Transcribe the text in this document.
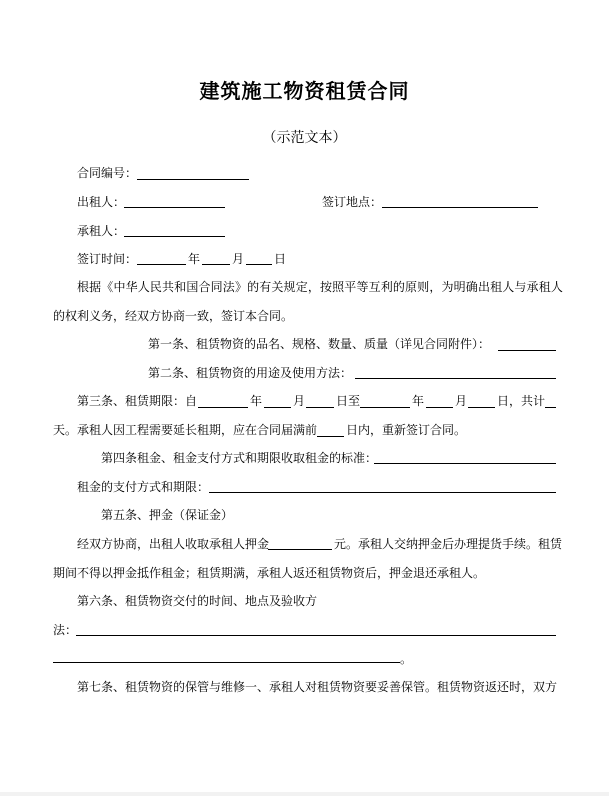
建筑施工物资租赁合同
（示范文本）
合同编号：
出租人：	签订地点：
承租人：
签订时间：	年	月 日
根据《中华人民共和国合同法》的有关规定，按照平等互利的原则，为明确出租人与承租人
的权利义务，经双方协商一致，签订本合同。
第一条、租赁物资的品名、规格、数量、质量（详见合同附件）：
第二条、租赁物资的用途及使用方法：
第三条、租赁期限：自	年	月	日至	年	月 日，共计
天。承租人因工程需要延长租期，应在合同届满前 日内，重新签订合同。
第四条租金、租金支付方式和期限收取租金的标准：
租金的支付方式和期限：
第五条、押金（保证金）
经双方协商，出租人收取承租人押金	元。承租人交纳押金后办理提货手续。租赁
期间不得以押金抵作租金；租赁期满，承租人返还租赁物资后，押金退还承租人。
第六条、租赁物资交付的时间、地点及验收方
法：
。
第七条、租赁物资的保管与维修一、承租人对租赁物资要妥善保管。租赁物资返还时，双方
